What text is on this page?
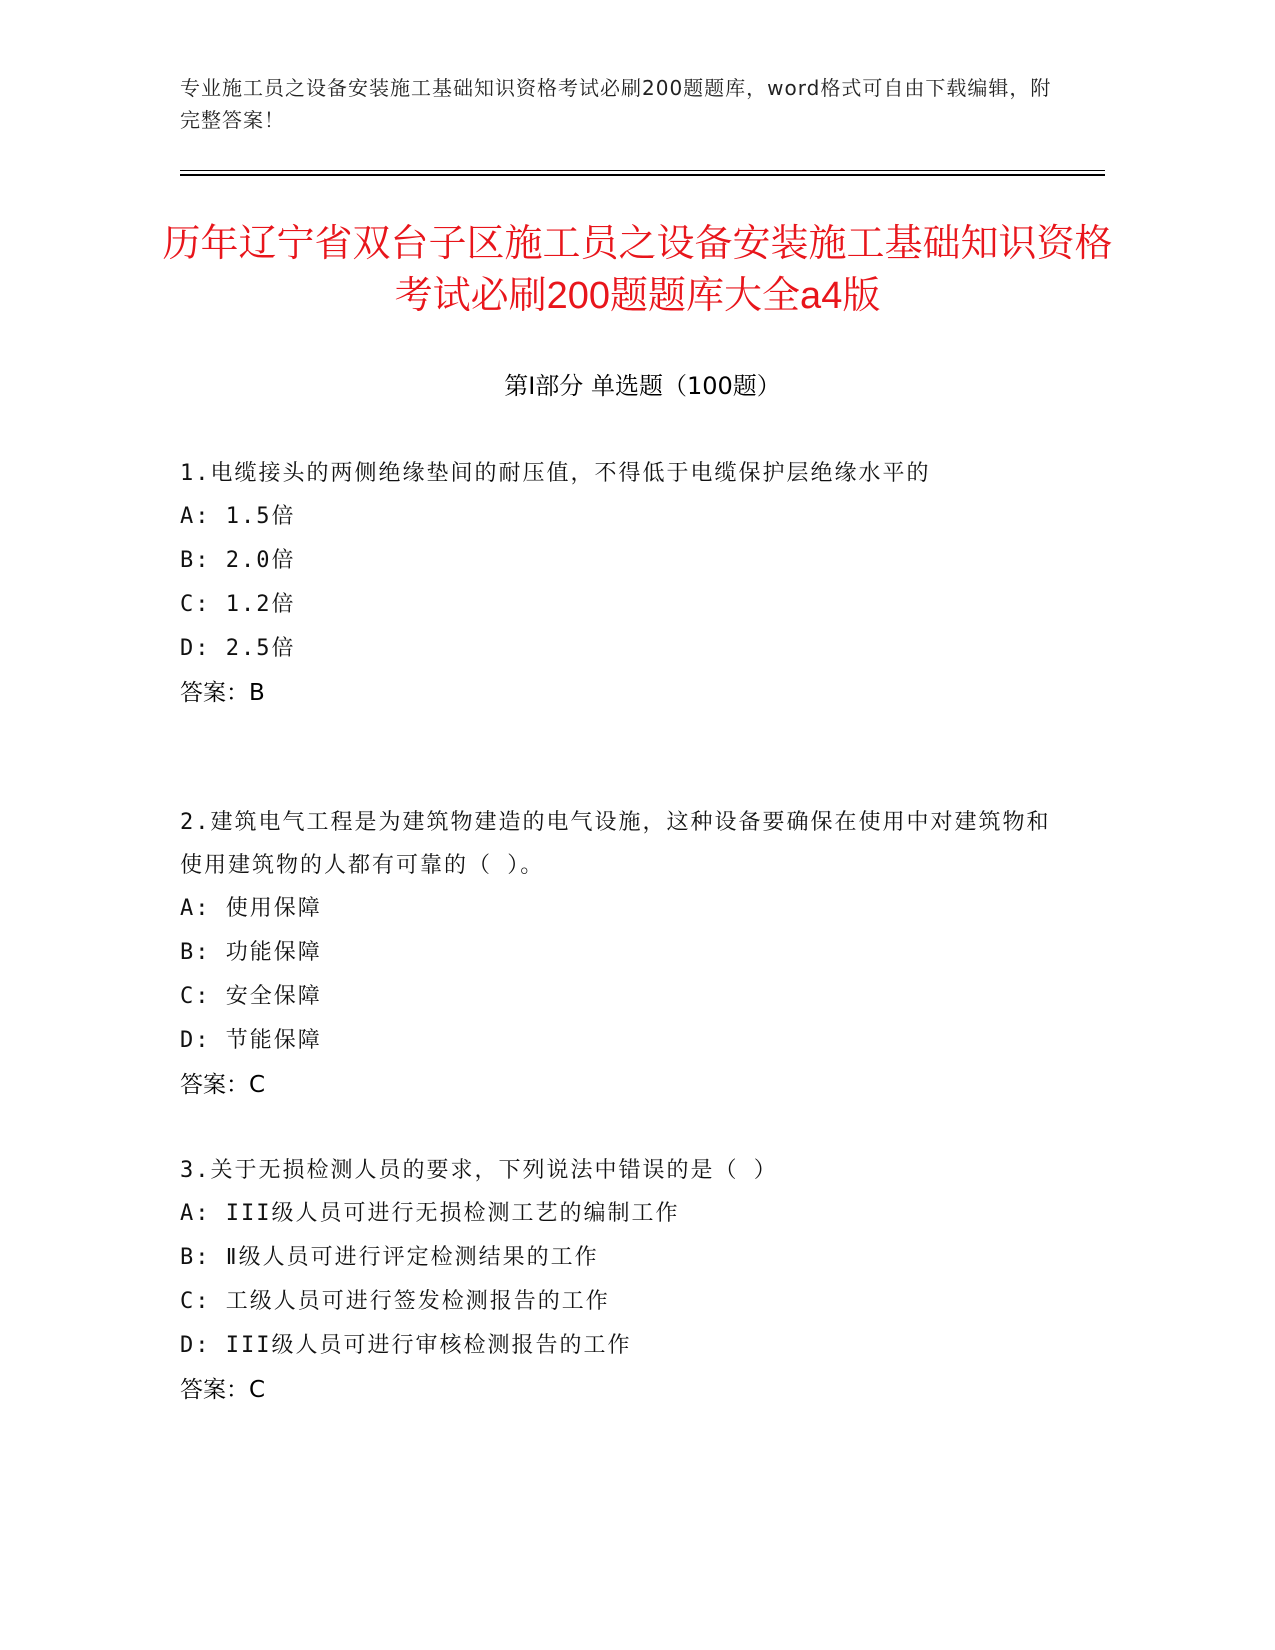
专业施工员之设备安装施工基础知识资格考试必刷200题题库，word格式可自由下载编辑，附完整答案！
历年辽宁省双台子区施工员之设备安装施工基础知识资格考试必刷200题题库大全a4版
第I部分 单选题（100题）
1.电缆接头的两侧绝缘垫间的耐压值，不得低于电缆保护层绝缘水平的
A: 1.5倍
B: 2.0倍
C: 1.2倍
D: 2.5倍
答案：B
2.建筑电气工程是为建筑物建造的电气设施，这种设备要确保在使用中对建筑物和使用建筑物的人都有可靠的（ ）。
A: 使用保障
B: 功能保障
C: 安全保障
D: 节能保障
答案：C
3.关于无损检测人员的要求，下列说法中错误的是（ ）
A: III级人员可进行无损检测工艺的编制工作
B: Ⅱ级人员可进行评定检测结果的工作
C: 工级人员可进行签发检测报告的工作
D: III级人员可进行审核检测报告的工作
答案：C
